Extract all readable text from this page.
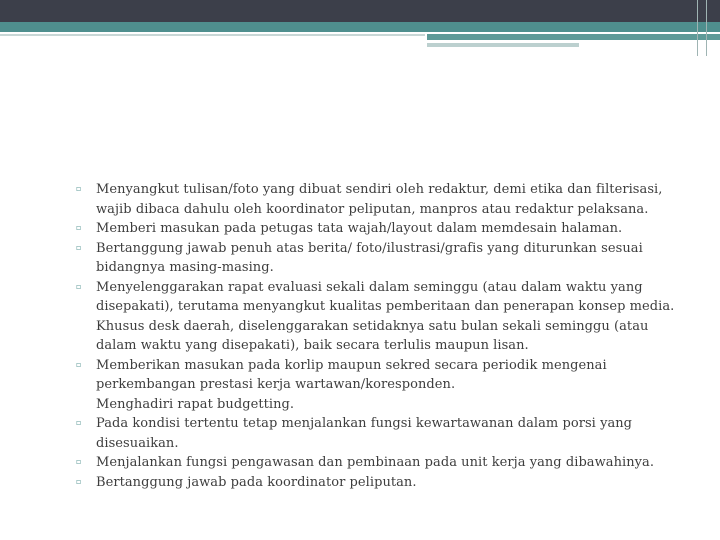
▫ Menyangkut tulisan/foto yang dibuat sendiri oleh redaktur, demi etika dan filterisasi,
wajib dibaca dahulu oleh koordinator peliputan, manpros atau redaktur pelaksana.
▫ Memberi masukan pada petugas tata wajah/layout dalam memdesain halaman.
▫ Bertanggung jawab penuh atas berita/ foto/ilustrasi/grafis yang diturunkan sesuai
bidangnya masing-masing.
▫ Menyelenggarakan rapat evaluasi sekali dalam seminggu (atau dalam waktu yang
disepakati), terutama menyangkut kualitas pemberitaan dan penerapan konsep media.
Khusus desk daerah, diselenggarakan setidaknya satu bulan sekali seminggu (atau
dalam waktu yang disepakati), baik secara terlulis maupun lisan.
▫ Memberikan masukan pada korlip maupun sekred secara periodik mengenai
perkembangan prestasi kerja wartawan/koresponden.
Menghadiri rapat budgetting.
▫ Pada kondisi tertentu tetap menjalankan fungsi kewartawanan dalam porsi yang
disesuaikan.
▫ Menjalankan fungsi pengawasan dan pembinaan pada unit kerja yang dibawahinya.
▫ Bertanggung jawab pada koordinator peliputan.
